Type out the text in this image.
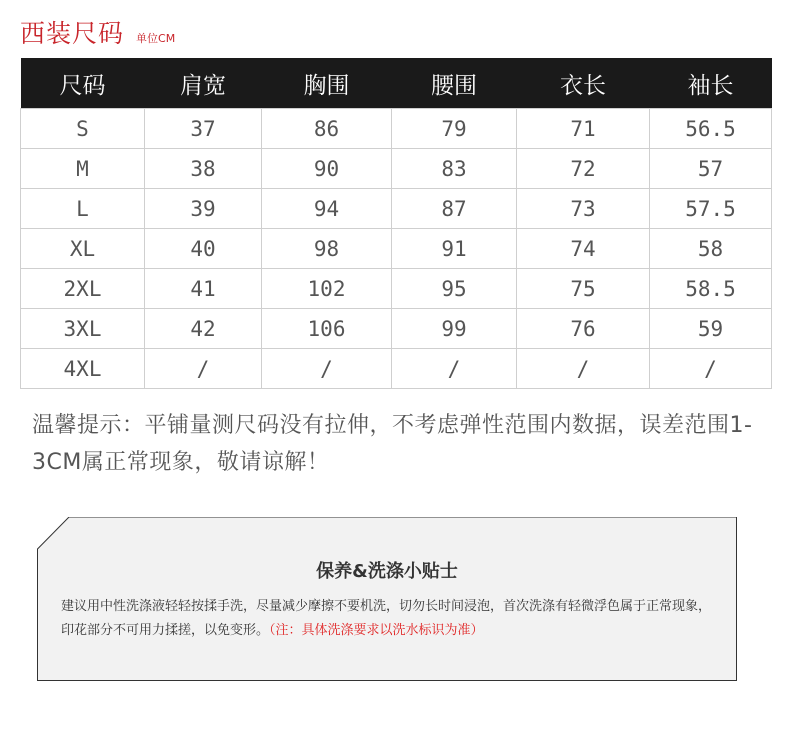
西装尺码 单位CM
尺码	肩宽	胸围	腰围	衣长	袖长
S	37	86	79	71	56.5
M	38	90	83	72	57
L	39	94	87	73	57.5
XL	40	98	91	74	58
2XL	41	102	95	75	58.5
3XL	42	106	99	76	59
4XL	/	/	/	/	/
温馨提示：平铺量测尺码没有拉伸，不考虑弹性范围内数据，误差范围1-3CM属正常现象，敬请谅解！
保养&洗涤小贴士
建议用中性洗涤液轻轻按揉手洗，尽量减少摩擦不要机洗，切勿长时间浸泡，首次洗涤有轻微浮色属于正常现象，印花部分不可用力揉搓，以免变形。（注：具体洗涤要求以洗水标识为准）
